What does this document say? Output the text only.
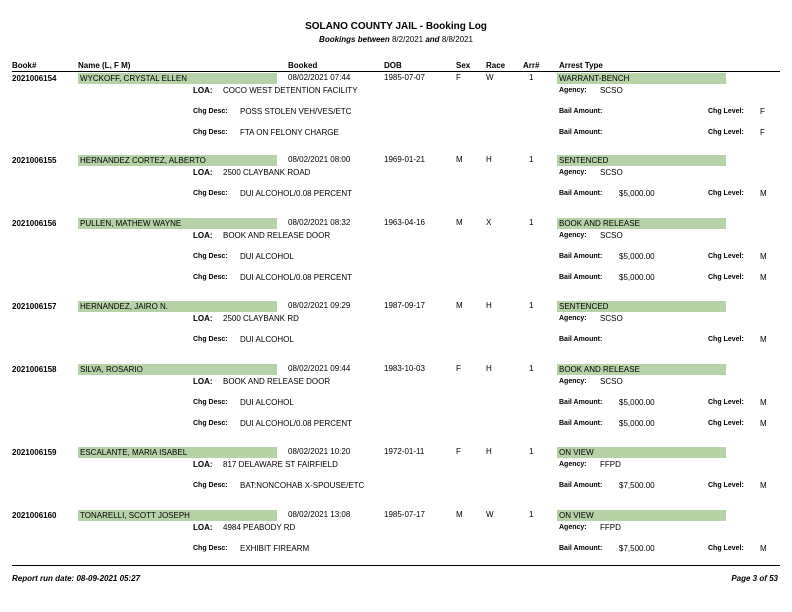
SOLANO COUNTY JAIL - Booking Log
Bookings between 8/2/2021 and 8/8/2021
Book#	Name (L, F M)	Booked	DOB	Sex Race Arr# Arrest Type
2021006154	WYCKOFF, CRYSTAL ELLEN	08/02/2021 07:44	1985-07-07	F	W	1	WARRANT-BENCH
LOA: COCO WEST DETENTION FACILITY	Agency: SCSO
Chg Desc: POSS STOLEN VEH/VES/ETC	Bail Amount:	Chg Level: F
Chg Desc: FTA ON FELONY CHARGE	Bail Amount:	Chg Level: F
2021006155	HERNANDEZ CORTEZ, ALBERTO	08/02/2021 08:00	1969-01-21	M	H	1	SENTENCED
LOA: 2500 CLAYBANK ROAD	Agency: SCSO
Chg Desc: DUI ALCOHOL/0.08 PERCENT	Bail Amount: $5,000.00	Chg Level: M
2021006156	PULLEN, MATHEW WAYNE	08/02/2021 08:32	1963-04-16	M	X	1	BOOK AND RELEASE
LOA: BOOK AND RELEASE DOOR	Agency: SCSO
Chg Desc: DUI ALCOHOL	Bail Amount: $5,000.00	Chg Level: M
Chg Desc: DUI ALCOHOL/0.08 PERCENT	Bail Amount: $5,000.00	Chg Level: M
2021006157	HERNANDEZ, JAIRO N.	08/02/2021 09:29	1987-09-17	M	H	1	SENTENCED
LOA: 2500 CLAYBANK RD	Agency: SCSO
Chg Desc: DUI ALCOHOL	Bail Amount:	Chg Level: M
2021006158	SILVA, ROSARIO	08/02/2021 09:44	1983-10-03	F	H	1	BOOK AND RELEASE
LOA: BOOK AND RELEASE DOOR	Agency: SCSO
Chg Desc: DUI ALCOHOL	Bail Amount: $5,000.00	Chg Level: M
Chg Desc: DUI ALCOHOL/0.08 PERCENT	Bail Amount: $5,000.00	Chg Level: M
2021006159	ESCALANTE, MARIA ISABEL	08/02/2021 10:20	1972-01-11	F	H	1	ON VIEW
LOA: 817 DELAWARE ST FAIRFIELD	Agency: FFPD
Chg Desc: BAT:NONCOHAB X-SPOUSE/ETC	Bail Amount: $7,500.00	Chg Level: M
2021006160	TONARELLI, SCOTT JOSEPH	08/02/2021 13:08	1985-07-17	M	W	1	ON VIEW
LOA: 4984 PEABODY RD	Agency: FFPD
Chg Desc: EXHIBIT FIREARM	Bail Amount: $7,500.00	Chg Level: M
Report run date: 08-09-2021 05:27	Page 3 of 53
